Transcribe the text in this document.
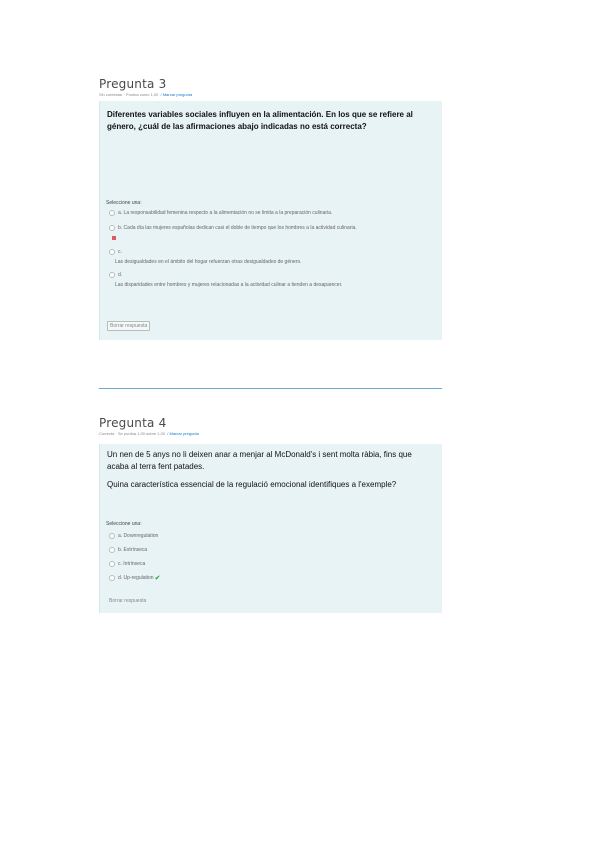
Pregunta 3
Sin contestar · Puntúa como 1,00  / Marcar pregunta
Diferentes variables sociales influyen en la alimentación. En los que se refiere al género, ¿cuál de las afirmaciones abajo indicadas no está correcta?
Seleccione una:
a. La responsabilidad femenina respecto a la alimentación no se limita a la preparación culinaria.
b. Cada día las mujeres españolas dedican casi el doble de tiempo que los hombres a la actividad culinaria.
c.
Las desigualdades en el ámbito del hogar refuerzan otras desigualdades de género.
d.
Las disparidades entre hombres y mujeres relacionadas a la actividad culinar a tienden a desaparecer.
Borrar respuesta
Pregunta 4
Correcta · Se puntúa 1,00 sobre 1,00  / Marcar pregunta
Un nen de 5 anys no li deixen anar a menjar al McDonald's i sent molta ràbia, fins que acaba al terra fent patades.
Quina característica essencial de la regulació emocional identifiques a l'exemple?
Seleccione una:
a. Downregulation
b. Extrínseca
c. Intrínseca
d. Up-regulation ✔
Borrar respuesta
